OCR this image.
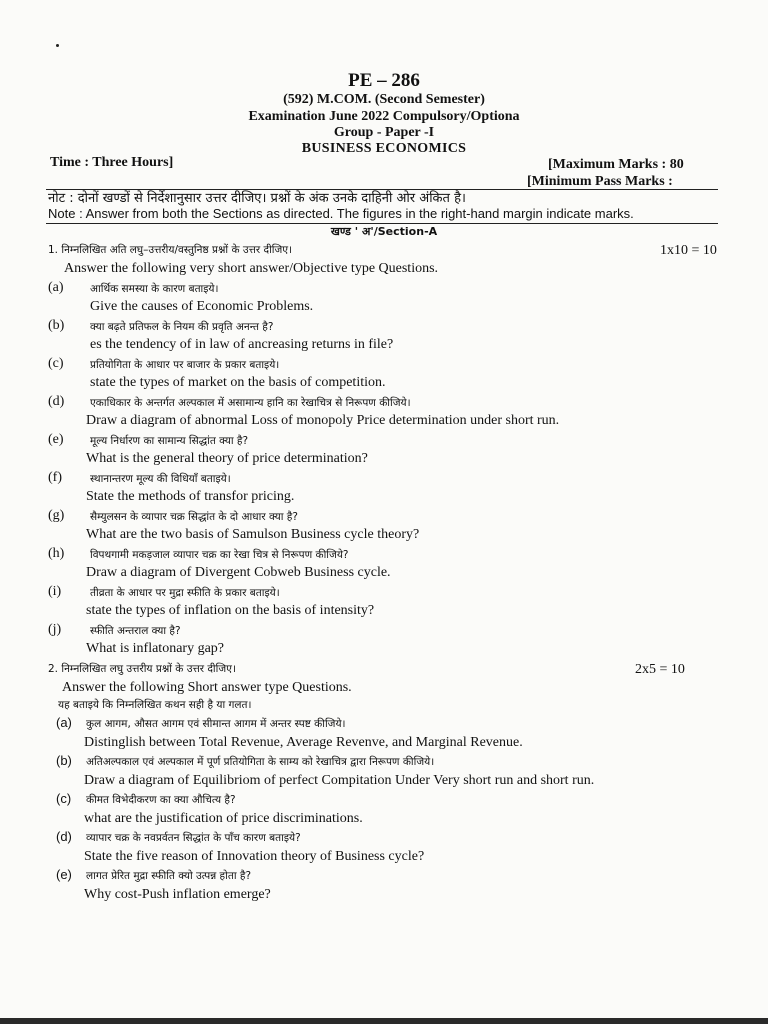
PE – 286
(592) M.COM. (Second Semester)
Examination June 2022 Compulsory/Optiona
Group - Paper -I
BUSINESS ECONOMICS
Time : Three Hours]	[Maximum Marks : 80
[Minimum Pass Marks :
नोट : दोनों खण्डों से निर्देशानुसार उत्तर दीजिए। प्रश्नों के अंक उनके दाहिनी ओर अंकित है।
Note : Answer from both the Sections as directed. The figures in the right-hand margin indicate marks.
खण्ड ' अ'/Section-A
1. निम्नलिखित अति लघु–उत्तरीय/वस्तुनिष्ठ प्रश्नों के उत्तर दीजिए।	1x10 = 10
Answer the following very short answer/Objective type Questions.
(a)	आर्थिक समस्या के कारण बताइये।
Give the causes of Economic Problems.
(b) क्या बढ़ते प्रतिफल के नियम की प्रवृति अनन्त है?
es the tendency of in law of ancreasing returns in file?
(c)	प्रतियोगिता के आधार पर बाजार के प्रकार बताइये।
state the types of market on the basis of competition.
(d) एकाधिकार के अन्तर्गत अल्पकाल में असामान्य हानि का रेखाचित्र से निरूपण कीजिये।
Draw a diagram of abnormal Loss of monopoly Price determination under short run.
(e)	मूल्य निर्धारण का सामान्य सिद्धांत क्या है?
What is the general theory of price determination?
(f)	स्थानान्तरण मूल्य की विधियाँ बताइये।
State the methods of transfor pricing.
(g) सैम्युलसन के व्यापार चक्र सिद्धांत के दो आधार क्या है?
What are the two basis of Samulson Business cycle theory?
(h) विपथगामी मकड़जाल व्यापार चक्र का रेखा चित्र से निरूपण कीजिये?
Draw a diagram of Divergent Cobweb Business cycle.
(i)	तीव्रता के आधार पर मुद्रा स्फीति के प्रकार बताइये।
state the types of inflation on the basis of intensity?
(j)	स्फीति अन्तराल क्या है?
What is inflatonary gap?
2. निम्नलिखित लघु उत्तरीय प्रश्नों के उत्तर दीजिए।	2x5 = 10
Answer the following Short answer type Questions.
यह बताइये कि निम्नलिखित कथन सही है या गलत।
(a) कुल आगम, औसत आगम एवं सीमान्त आगम में अन्तर स्पष्ट कीजिये।
Distinglish between Total Revenue, Average Revenve, and Marginal Revenue.
(b) अतिअल्पकाल एवं अल्पकाल में पूर्ण प्रतियोगिता के साम्य को रेखाचित्र द्वारा निरूपण कीजिये।
Draw a diagram of Equilibriom of perfect Compitation Under Very short run and short run.
(c) कीमत विभेदीकरण का क्या औचित्य है?
what are the justification of price discriminations.
(d) व्यापार चक्र के नवप्रर्वतन सिद्धांत के पाँच कारण बताइये?
State the five reason of Innovation theory of Business cycle?
(e) लागत प्रेरित मुद्रा स्फीति क्यो उत्पन्न होता है?
Why cost-Push inflation emerge?
